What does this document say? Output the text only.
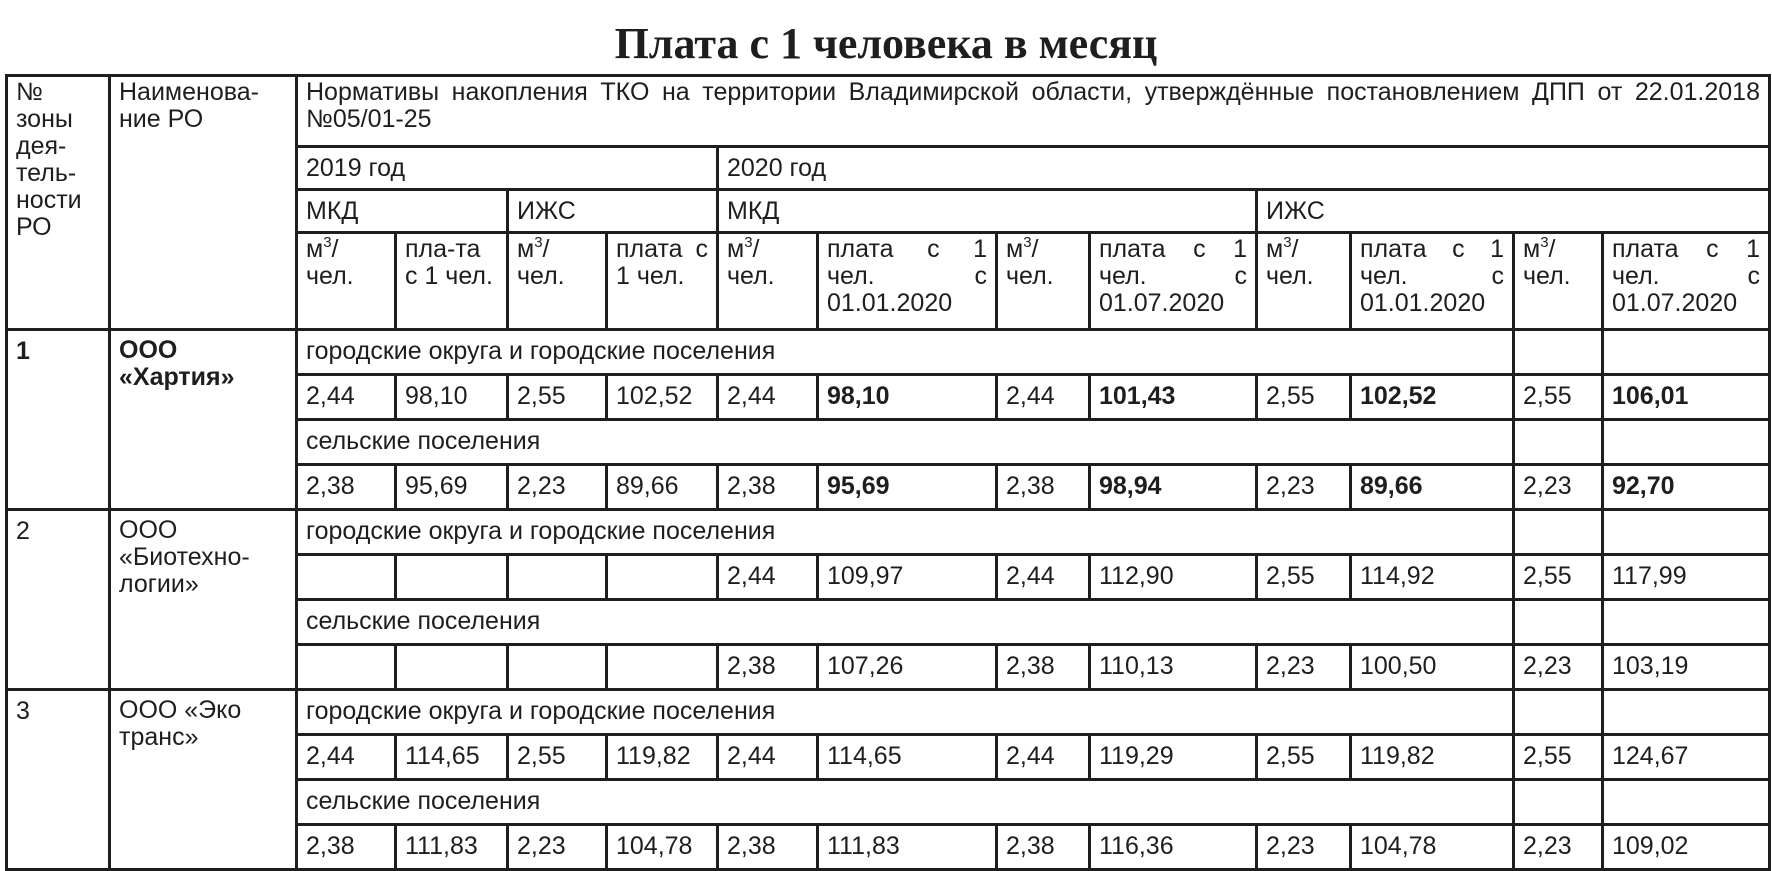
Плата с 1 человека в месяц
№ зоны дея-тель-ности РО	Наименова-ние РО	Нормативы накопления ТКО на территории Владимирской области, утверждённые постановлением ДПП от 22.01.2018 №05/01-25											
		2019 год				2020 год							
		МКД		ИЖС		МКД				ИЖС			
		$м^3/$ чел.	пла-та с 1 чел.	$м^3/$ чел.	плата с 1 чел.	$м^3/$ чел.	плата с 1 чел. с 01.01.2020	$м^3/$ чел.	плата с 1 чел. с 01.07.2020	$м^3/$ чел.	плата с 1 чел. с 01.01.2020	$м^3/$ чел.	плата с 1 чел. с 01.07.2020
1	ООО «Хартия»	городские округа и городские поселения											
		2,44	98,10	2,55	102,52	2,44	98,10	2,44	101,43	2,55	102,52	2,55	106,01
		сельские поселения											
		2,38	95,69	2,23	89,66	2,38	95,69	2,38	98,94	2,23	89,66	2,23	92,70
2	ООО «Биотехно-логии»	городские округа и городские поселения											
						2,44	109,97	2,44	112,90	2,55	114,92	2,55	117,99
		сельские поселения											
						2,38	107,26	2,38	110,13	2,23	100,50	2,23	103,19
3	ООО «Эко транс»	городские округа и городские поселения											
		2,44	114,65	2,55	119,82	2,44	114,65	2,44	119,29	2,55	119,82	2,55	124,67
		сельские поселения											
		2,38	111,83	2,23	104,78	2,38	111,83	2,38	116,36	2,23	104,78	2,23	109,02
